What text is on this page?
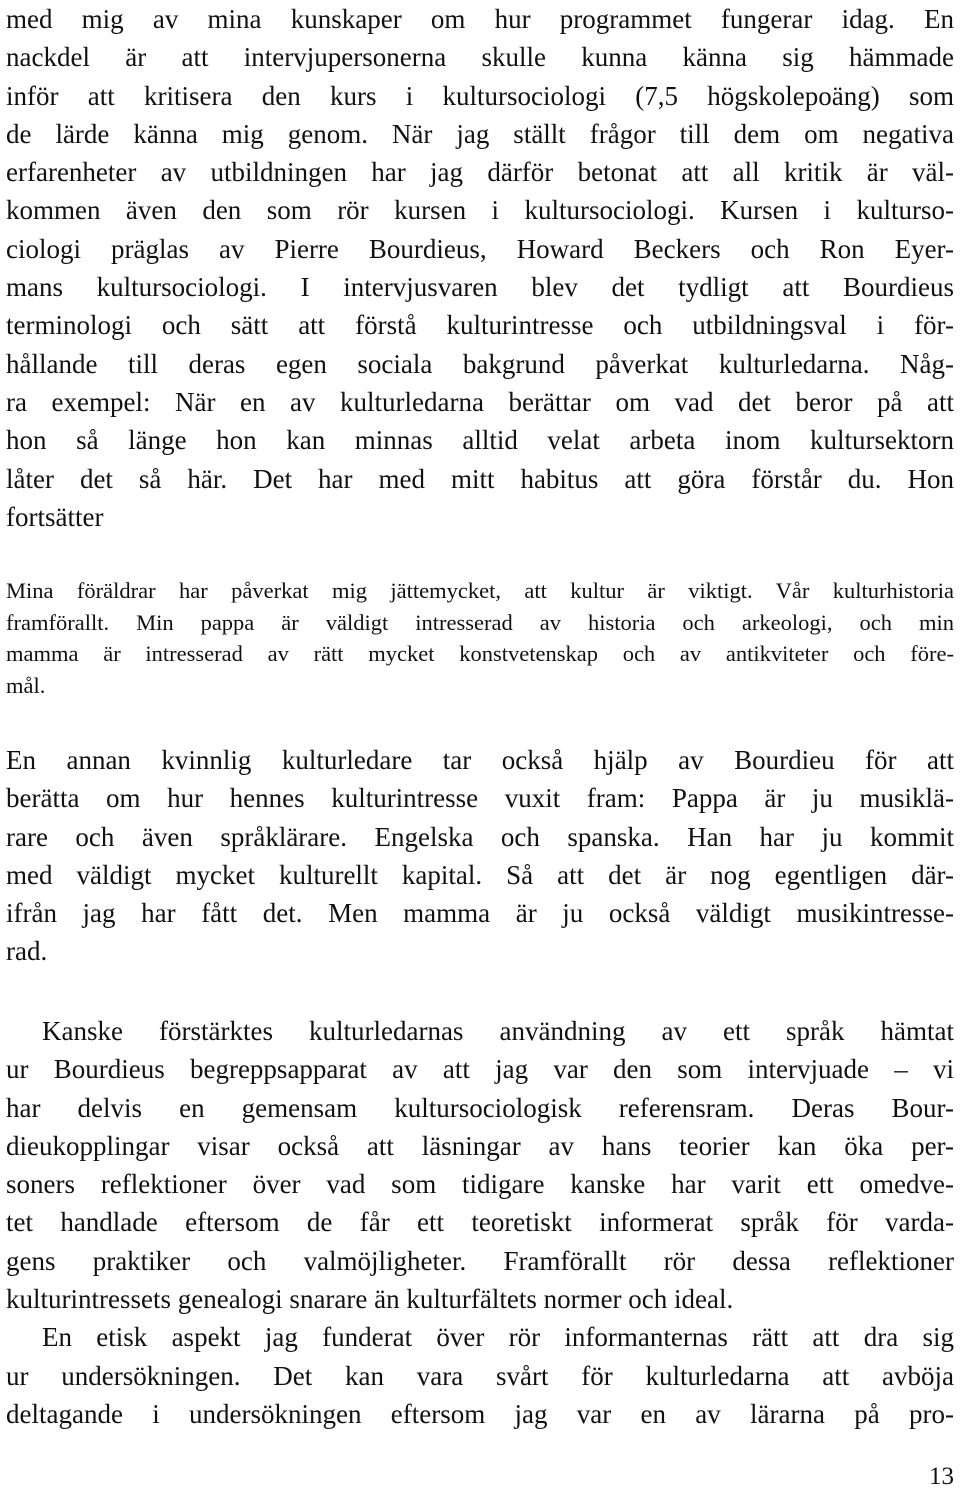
med mig av mina kunskaper om hur programmet fungerar idag. En
nackdel är att intervjupersonerna skulle kunna känna sig hämmade
inför att kritisera den kurs i kultursociologi (7,5 högskolepoäng) som
de lärde känna mig genom. När jag ställt frågor till dem om negativa
erfarenheter av utbildningen har jag därför betonat att all kritik är väl-
kommen även den som rör kursen i kultursociologi. Kursen i kulturso-
ciologi präglas av Pierre Bourdieus, Howard Beckers och Ron Eyer-
mans kultursociologi. I intervjusvaren blev det tydligt att Bourdieus
terminologi och sätt att förstå kulturintresse och utbildningsval i för-
hållande till deras egen sociala bakgrund påverkat kulturledarna. Någ-
ra exempel: När en av kulturledarna berättar om vad det beror på att
hon så länge hon kan minnas alltid velat arbeta inom kultursektorn
låter det så här. Det har med mitt habitus att göra förstår du. Hon
fortsätter
Mina föräldrar har påverkat mig jättemycket, att kultur är viktigt. Vår kulturhistoria
framförallt. Min pappa är väldigt intresserad av historia och arkeologi, och min
mamma är intresserad av rätt mycket konstvetenskap och av antikviteter och före-
mål.
En annan kvinnlig kulturledare tar också hjälp av Bourdieu för att
berätta om hur hennes kulturintresse vuxit fram: Pappa är ju musiklä-
rare och även språklärare. Engelska och spanska. Han har ju kommit
med väldigt mycket kulturellt kapital. Så att det är nog egentligen där-
ifrån jag har fått det. Men mamma är ju också väldigt musikintresse-
rad.
Kanske förstärktes kulturledarnas användning av ett språk hämtat
ur Bourdieus begreppsapparat av att jag var den som intervjuade – vi
har delvis en gemensam kultursociologisk referensram. Deras Bour-
dieukopplingar visar också att läsningar av hans teorier kan öka per-
soners reflektioner över vad som tidigare kanske har varit ett omedve-
tet handlade eftersom de får ett teoretiskt informerat språk för varda-
gens praktiker och valmöjligheter. Framförallt rör dessa reflektioner
kulturintressets genealogi snarare än kulturfältets normer och ideal.
En etisk aspekt jag funderat över rör informanternas rätt att dra sig
ur undersökningen. Det kan vara svårt för kulturledarna att avböja
deltagande i undersökningen eftersom jag var en av lärarna på pro-
13
